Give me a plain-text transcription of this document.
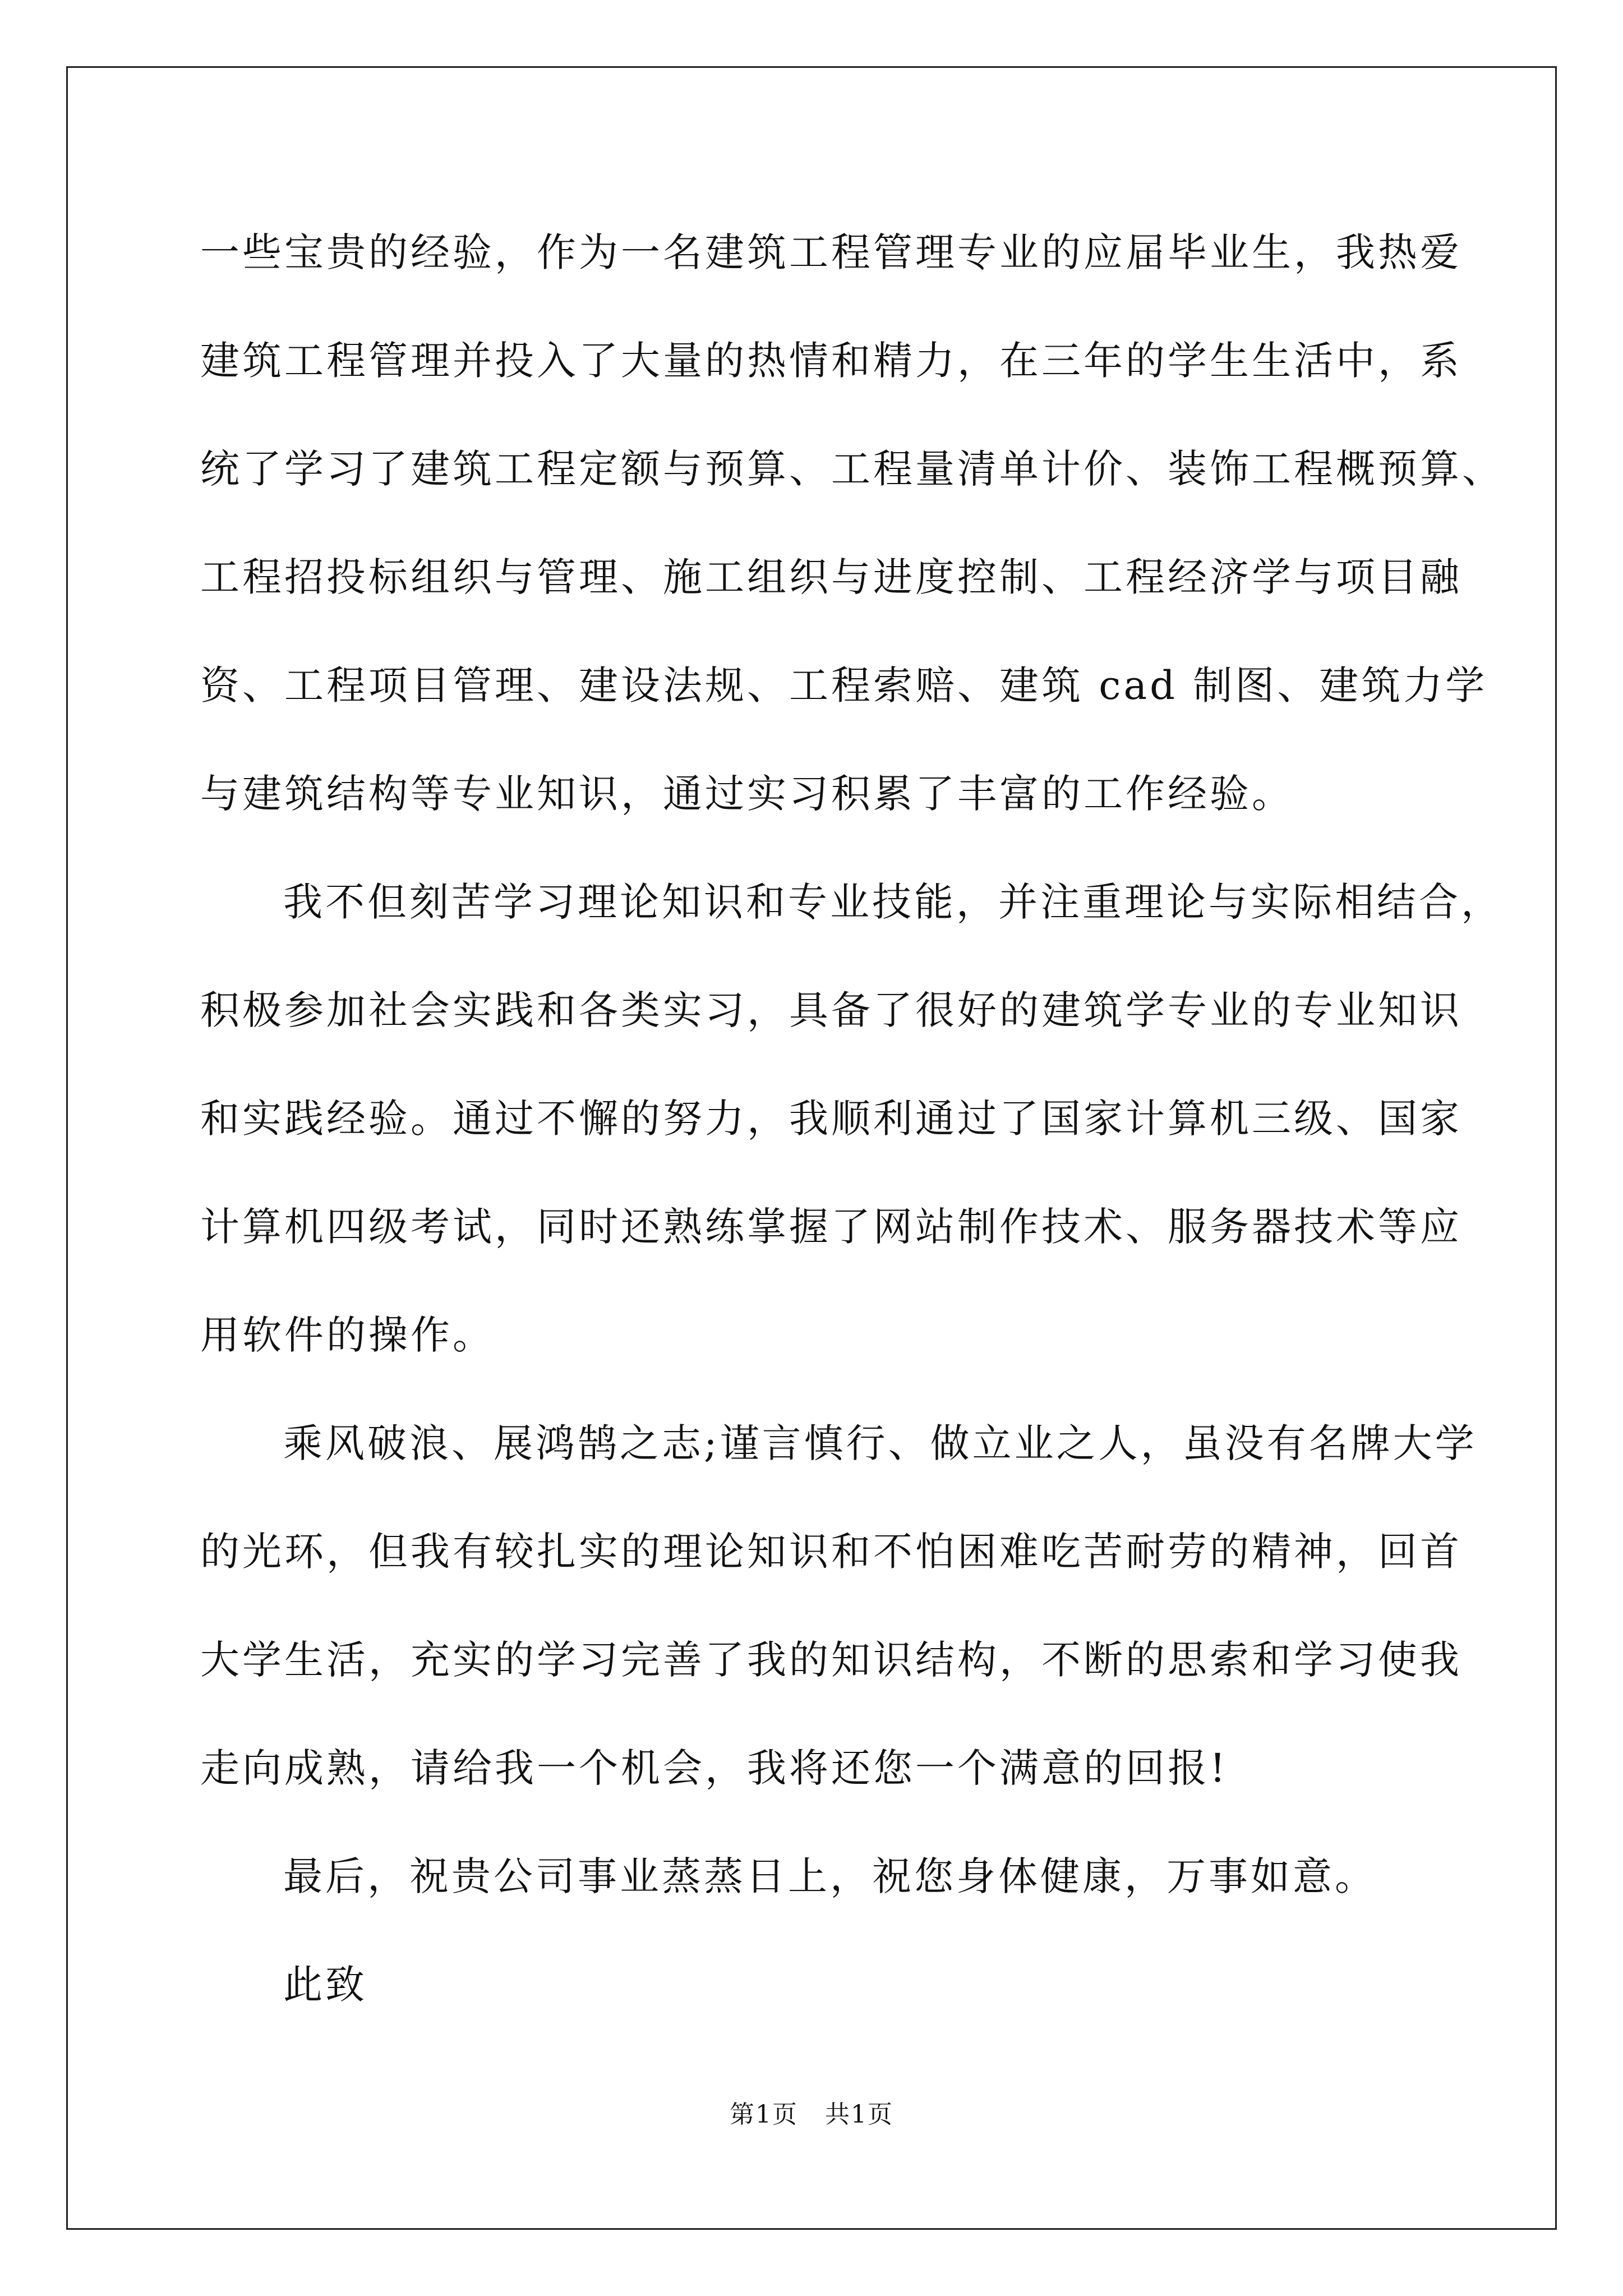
一些宝贵的经验，作为一名建筑工程管理专业的应届毕业生，我热爱
建筑工程管理并投入了大量的热情和精力，在三年的学生生活中，系
统了学习了建筑工程定额与预算、工程量清单计价、装饰工程概预算、
工程招投标组织与管理、施工组织与进度控制、工程经济学与项目融
资、工程项目管理、建设法规、工程索赔、建筑 cad 制图、建筑力学
与建筑结构等专业知识，通过实习积累了丰富的工作经验。
我不但刻苦学习理论知识和专业技能，并注重理论与实际相结合，
积极参加社会实践和各类实习，具备了很好的建筑学专业的专业知识
和实践经验。通过不懈的努力，我顺利通过了国家计算机三级、国家
计算机四级考试，同时还熟练掌握了网站制作技术、服务器技术等应
用软件的操作。
乘风破浪、展鸿鹄之志;谨言慎行、做立业之人，虽没有名牌大学
的光环，但我有较扎实的理论知识和不怕困难吃苦耐劳的精神，回首
大学生活，充实的学习完善了我的知识结构，不断的思索和学习使我
走向成熟，请给我一个机会，我将还您一个满意的回报!
最后，祝贵公司事业蒸蒸日上，祝您身体健康，万事如意。
此致
第1页   共1页
